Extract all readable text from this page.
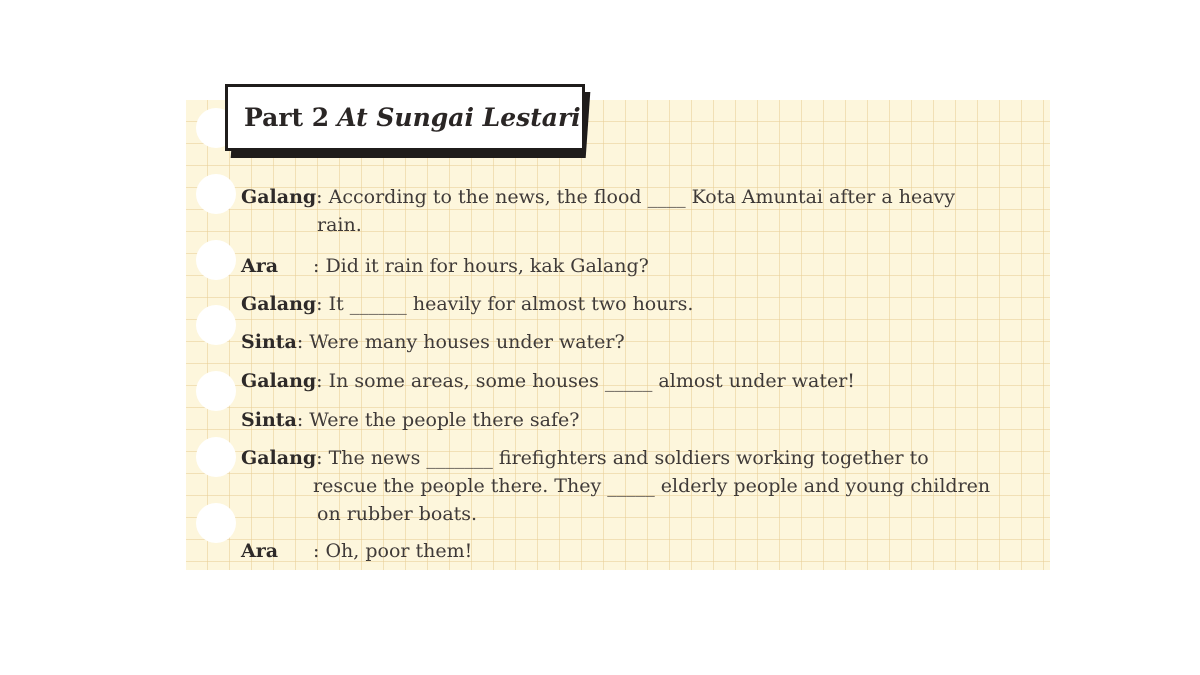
Part 2 At Sungai Lestari
Galang: According to the news, the flood ____ Kota Amuntai after a heavy
rain.
Ara : Did it rain for hours, kak Galang?
Galang: It ______ heavily for almost two hours.
Sinta: Were many houses under water?
Galang: In some areas, some houses _____ almost under water!
Sinta: Were the people there safe?
Galang: The news _______ firefighters and soldiers working together to
rescue the people there. They _____ elderly people and young children
on rubber boats.
Ara : Oh, poor them!
